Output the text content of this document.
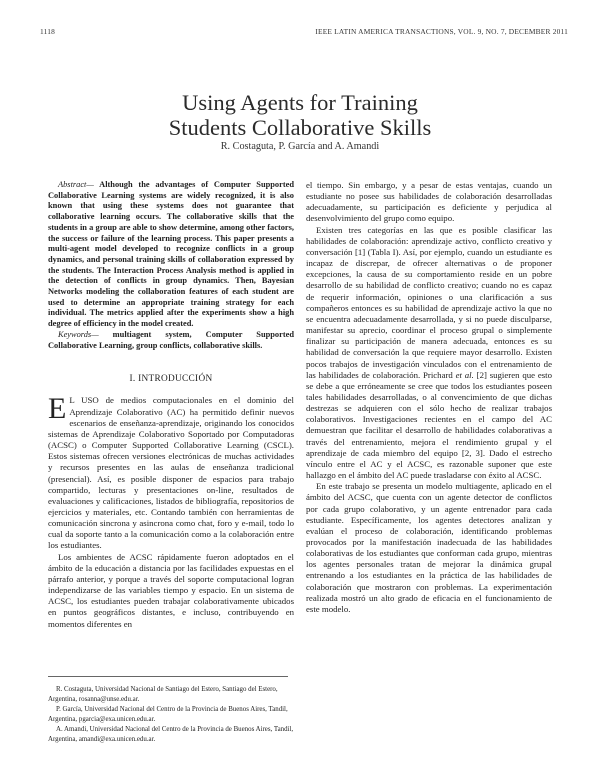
1118	IEEE LATIN AMERICA TRANSACTIONS, VOL. 9, NO. 7, DECEMBER 2011
Using Agents for Training
Students Collaborative Skills
R. Costaguta, P. García and A. Amandi

Abstract— Although the advantages of Computer Supported Collaborative Learning systems are widely recognized, it is also known that using these systems does not guarantee that collaborative learning occurs. The collaborative skills that the students in a group are able to show determine, among other factors, the success or failure of the learning process. This paper presents a multi-agent model developed to recognize conflicts in a group dynamics, and personal training skills of collaboration expressed by the students. The Interaction Process Analysis method is applied in the detection of conflicts in group dynamics. Then, Bayesian Networks modeling the collaboration features of each student are used to determine an appropriate training strategy for each individual. The metrics applied after the experiments show a high degree of efficiency in the model created.

Keywords— multiagent system, Computer Supported Collaborative Learning, group conflicts, collaborative skills.

I. INTRODUCCIÓN

E L USO de medios computacionales en el dominio del Aprendizaje Colaborativo (AC) ha permitido definir nuevos escenarios de enseñanza-aprendizaje, originando los conocidos sistemas de Aprendizaje Colaborativo Soportado por Computadoras (ACSC) o Computer Supported Collaborative Learning (CSCL). Estos sistemas ofrecen versiones electrónicas de muchas actividades y recursos presentes en las aulas de enseñanza tradicional (presencial). Así, es posible disponer de espacios para trabajo compartido, lecturas y presentaciones on-line, resultados de evaluaciones y calificaciones, listados de bibliografía, repositorios de ejercicios y materiales, etc. Contando también con herramientas de comunicación sincrona y asincrona como chat, foro y e-mail, todo lo cual da soporte tanto a la comunicación como a la colaboración entre los estudiantes.

Los ambientes de ACSC rápidamente fueron adoptados en el ámbito de la educación a distancia por las facilidades expuestas en el párrafo anterior, y porque a través del soporte computacional logran independizarse de las variables tiempo y espacio. En un sistema de ACSC, los estudiantes pueden trabajar colaborativamente ubicados en puntos geográficos distantes, e incluso, contribuyendo en momentos diferentes en

R. Costaguta, Universidad Nacional de Santiago del Estero, Santiago del Estero, Argentina, rosanna@unse.edu.ar.

P. García, Universidad Nacional del Centro de la Provincia de Buenos Aires, Tandil, Argentina, pgarcia@exa.unicen.edu.ar.

A. Amandi, Universidad Nacional del Centro de la Provincia de Buenos Aires, Tandil, Argentina, amandi@exa.unicen.edu.ar.

el tiempo. Sin embargo, y a pesar de estas ventajas, cuando un estudiante no posee sus habilidades de colaboración desarrolladas adecuadamente, su participación es deficiente y perjudica al desenvolvimiento del grupo como equipo.

Existen tres categorías en las que es posible clasificar las habilidades de colaboración: aprendizaje activo, conflicto creativo y conversación [1] (Tabla I). Así, por ejemplo, cuando un estudiante es incapaz de discrepar, de ofrecer alternativas o de proponer excepciones, la causa de su comportamiento reside en un pobre desarrollo de su habilidad de conflicto creativo; cuando no es capaz de requerir información, opiniones o una clarificación a sus compañeros entonces es su habilidad de aprendizaje activo la que no se encuentra adecuadamente desarrollada, y si no puede disculparse, manifestar su aprecio, coordinar el proceso grupal o simplemente finalizar su participación de manera adecuada, entonces es su habilidad de conversación la que requiere mayor desarrollo. Existen pocos trabajos de investigación vinculados con el entrenamiento de las habilidades de colaboración. Prichard et al. [2] sugieren que esto se debe a que erróneamente se cree que todos los estudiantes poseen tales habilidades desarrolladas, o al convencimiento de que dichas destrezas se adquieren con el sólo hecho de realizar trabajos colaborativos. Investigaciones recientes en el campo del AC demuestran que facilitar el desarrollo de habilidades colaborativas a través del entrenamiento, mejora el rendimiento grupal y el aprendizaje de cada miembro del equipo [2, 3]. Dado el estrecho vínculo entre el AC y el ACSC, es razonable suponer que este hallazgo en el ámbito del AC puede trasladarse con éxito al ACSC.

En este trabajo se presenta un modelo multiagente, aplicado en el ámbito del ACSC, que cuenta con un agente detector de conflictos por cada grupo colaborativo, y un agente entrenador para cada estudiante. Específicamente, los agentes detectores analizan y evalúan el proceso de colaboración, identificando problemas provocados por la manifestación inadecuada de las habilidades colaborativas de los estudiantes que conforman cada grupo, mientras los agentes personales tratan de mejorar la dinámica grupal entrenando a los estudiantes en la práctica de las habilidades de colaboración que mostraron con problemas. La experimentación realizada mostró un alto grado de eficacia en el funcionamiento de este modelo.
